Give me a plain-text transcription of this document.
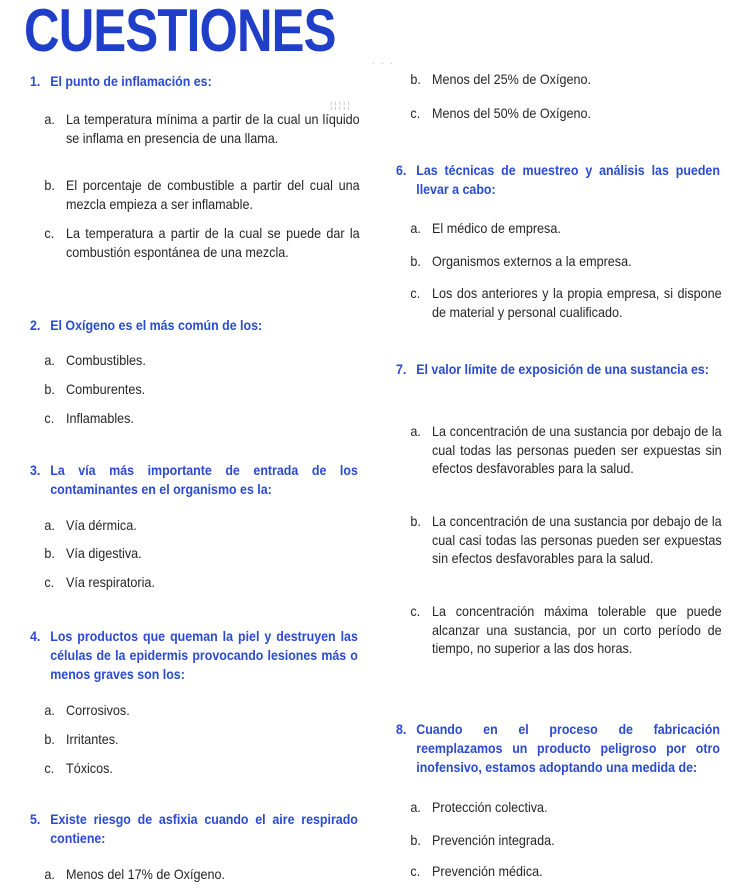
CUESTIONES
¦¦¦¦¦
∙ ∙ ∙
1. El punto de inflamación es:
a. La temperatura mínima a partir de la cual un líquido se inflama en presencia de una llama.
b. El porcentaje de combustible a partir del cual una mezcla empieza a ser inflamable.
c. La temperatura a partir de la cual se puede dar la combustión espontánea de una mezcla.
2. El Oxígeno es el más común de los:
a. Combustibles.
b. Comburentes.
c. Inflamables.
3. La vía más importante de entrada de los contaminantes en el organismo es la:
a. Vía dérmica.
b. Vía digestiva.
c. Vía respiratoria.
4. Los productos que queman la piel y destruyen las células de la epidermis provocando lesiones más o menos graves son los:
a. Corrosivos.
b. Irritantes.
c. Tóxicos.
5. Existe riesgo de asfixia cuando el aire respirado contiene:
a. Menos del 17% de Oxígeno.
b. Menos del 25% de Oxígeno.
c. Menos del 50% de Oxígeno.
6. Las técnicas de muestreo y análisis las pueden llevar a cabo:
a. El médico de empresa.
b. Organismos externos a la empresa.
c. Los dos anteriores y la propia empresa, si dispone de material y personal cualificado.
7. El valor límite de exposición de una sustancia es:
a. La concentración de una sustancia por debajo de la cual todas las personas pueden ser expuestas sin efectos desfavorables para la salud.
b. La concentración de una sustancia por debajo de la cual casi todas las personas pueden ser expuestas sin efectos desfavorables para la salud.
c. La concentración máxima tolerable que puede alcanzar una sustancia, por un corto período de tiempo, no superior a las dos horas.
8. Cuando en el proceso de fabricación reemplazamos un producto peligroso por otro inofensivo, estamos adoptando una medida de:
a. Protección colectiva.
b. Prevención integrada.
c. Prevención médica.
